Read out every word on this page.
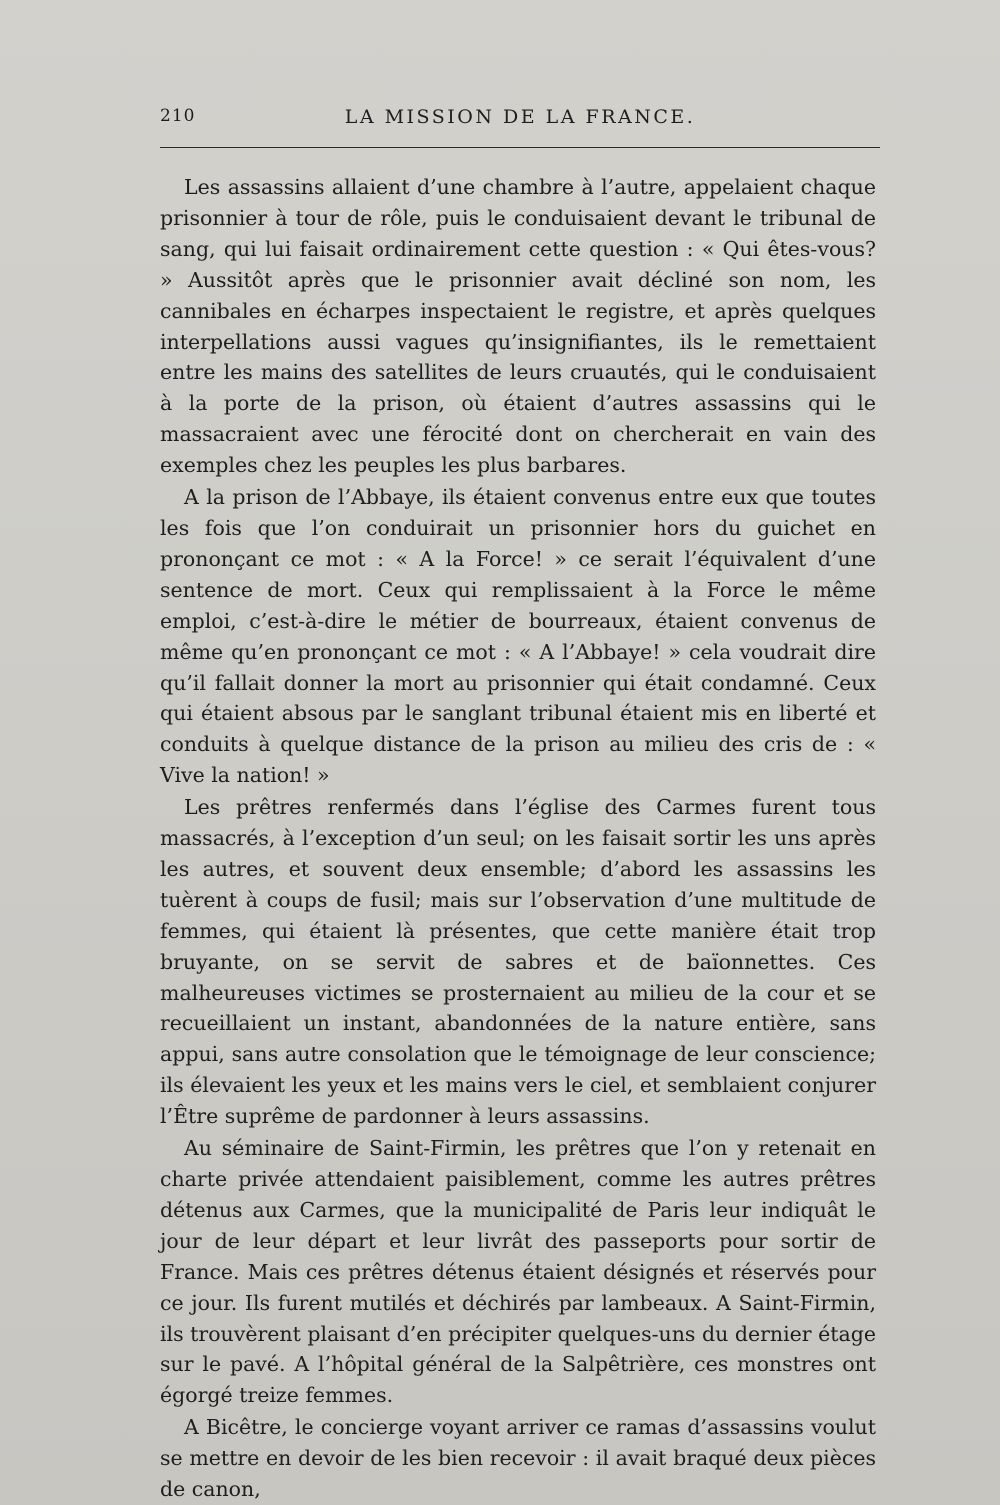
210	LA MISSION DE LA FRANCE.

Les assassins allaient d’une chambre à l’autre, appelaient chaque prisonnier à tour de rôle, puis le conduisaient devant le tribunal de sang, qui lui faisait ordinairement cette question : « Qui êtes-vous? » Aussitôt après que le prisonnier avait décliné son nom, les cannibales en écharpes inspectaient le registre, et après quelques interpellations aussi vagues qu’insignifiantes, ils le remettaient entre les mains des satellites de leurs cruautés, qui le conduisaient à la porte de la prison, où étaient d’autres assassins qui le massacraient avec une férocité dont on chercherait en vain des exemples chez les peuples les plus barbares.

A la prison de l’Abbaye, ils étaient convenus entre eux que toutes les fois que l’on conduirait un prisonnier hors du guichet en prononçant ce mot : « A la Force! » ce serait l’équivalent d’une sentence de mort. Ceux qui remplissaient à la Force le même emploi, c’est-à-dire le métier de bourreaux, étaient convenus de même qu’en prononçant ce mot : « A l’Abbaye! » cela voudrait dire qu’il fallait donner la mort au prisonnier qui était condamné. Ceux qui étaient absous par le sanglant tribunal étaient mis en liberté et conduits à quelque distance de la prison au milieu des cris de : « Vive la nation! »

Les prêtres renfermés dans l’église des Carmes furent tous massacrés, à l’exception d’un seul; on les faisait sortir les uns après les autres, et souvent deux ensemble; d’abord les assassins les tuèrent à coups de fusil; mais sur l’observation d’une multitude de femmes, qui étaient là présentes, que cette manière était trop bruyante, on se servit de sabres et de baïonnettes. Ces malheureuses victimes se prosternaient au milieu de la cour et se recueillaient un instant, abandonnées de la nature entière, sans appui, sans autre consolation que le témoignage de leur conscience; ils élevaient les yeux et les mains vers le ciel, et semblaient conjurer l’Être suprême de pardonner à leurs assassins.

Au séminaire de Saint-Firmin, les prêtres que l’on y retenait en charte privée attendaient paisiblement, comme les autres prêtres détenus aux Carmes, que la municipalité de Paris leur indiquât le jour de leur départ et leur livrât des passeports pour sortir de France. Mais ces prêtres détenus étaient désignés et réservés pour ce jour. Ils furent mutilés et déchirés par lambeaux. A Saint-Firmin, ils trouvèrent plaisant d’en précipiter quelques-uns du dernier étage sur le pavé. A l’hôpital général de la Salpêtrière, ces monstres ont égorgé treize femmes.

A Bicêtre, le concierge voyant arriver ce ramas d’assassins voulut se mettre en devoir de les bien recevoir : il avait braqué deux pièces de canon,
